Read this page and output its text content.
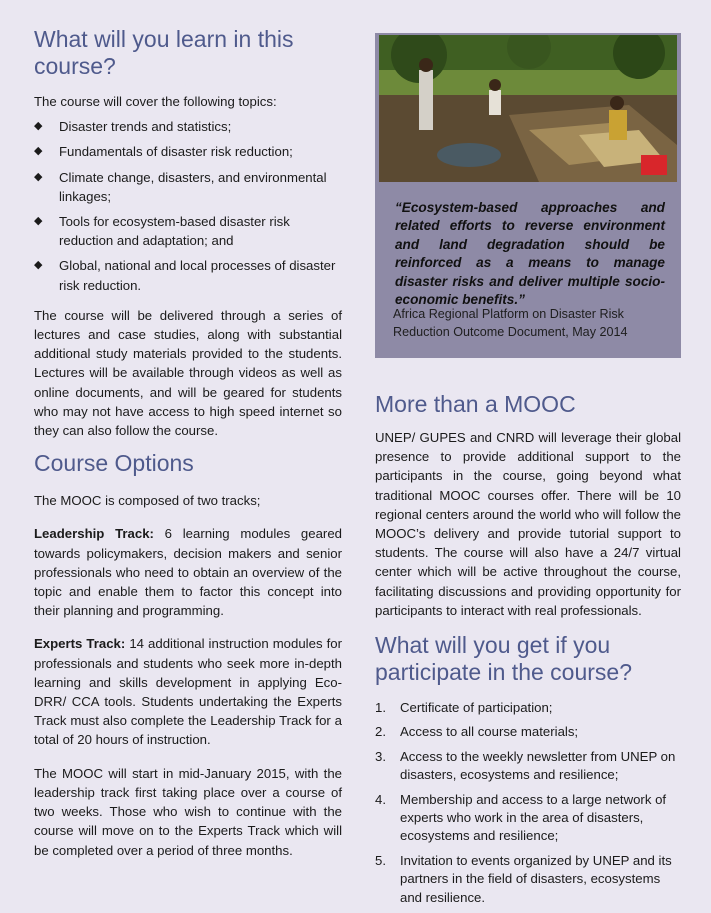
What will you learn in this course?

The course will cover the following topics:

◆ Disaster trends and statistics;
◆ Fundamentals of disaster risk reduction;
◆ Climate change, disasters, and environmental linkages;
◆ Tools for ecosystem-based disaster risk reduction and adaptation; and
◆ Global, national and local processes of disaster risk reduction.

The course will be delivered through a series of lectures and case studies, along with substantial additional study materials provided to the students. Lectures will be available through videos as well as online documents, and will be geared for students who may not have access to high speed internet so they can also follow the course.

Course Options

The MOOC is composed of two tracks;

Leadership Track: 6 learning modules geared towards policymakers, decision makers and senior professionals who need to obtain an overview of the topic and enable them to factor this concept into their planning and programming.

Experts Track: 14 additional instruction modules for professionals and students who seek more in-depth learning and skills development in applying Eco-DRR/ CCA tools. Students undertaking the Experts Track must also complete the Leadership Track for a total of 20 hours of instruction.

The MOOC will start in mid-January 2015, with the leadership track first taking place over a course of two weeks. Those who wish to continue with the course will move on to the Experts Track which will be completed over a period of three months.

“Ecosystem-based approaches and related efforts to reverse environment and land degradation should be reinforced as a means to manage disaster risks and deliver multiple socio-economic benefits.”
Africa Regional Platform on Disaster Risk Reduction Outcome Document, May 2014
More than a MOOC

UNEP/ GUPES and CNRD will leverage their global presence to provide additional support to the participants in the course, going beyond what traditional MOOC courses offer. There will be 10 regional centers around the world who will follow the MOOC’s delivery and provide tutorial support to students. The course will also have a 24/7 virtual center which will be active throughout the course, facilitating discussions and providing opportunity for participants to interact with real professionals.

What will you get if you participate in the course?
1. Certificate of participation;
2. Access to all course materials;
3. Access to the weekly newsletter from UNEP on disasters, ecosystems and resilience;
4. Membership and access to a large network of experts who work in the area of disasters, ecosystems and resilience;
5. Invitation to events organized by UNEP and its partners in the field of disasters, ecosystems and resilience.
